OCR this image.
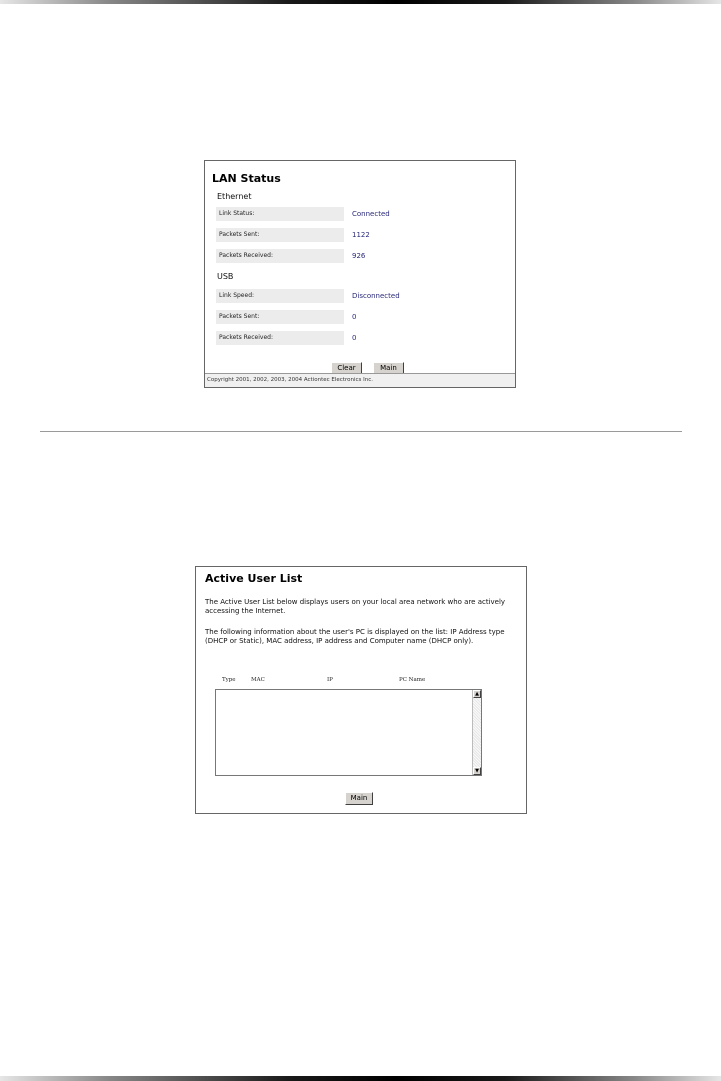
LAN Status
Ethernet
Link Status:	Connected
Packets Sent:	1122
Packets Received:	926
USB
Link Speed:	Disconnected
Packets Sent:	0
Packets Received:	0
Clear	Main
Copyright 2001, 2002, 2003, 2004 Actiontec Electronics Inc.
Active User List
The Active User List below displays users on your local area network who are actively accessing the Internet.
The following information about the user's PC is displayed on the list: IP Address type (DHCP or Static), MAC address, IP address and Computer name (DHCP only).
Type	MAC	IP	PC Name
▲
▼
Main
